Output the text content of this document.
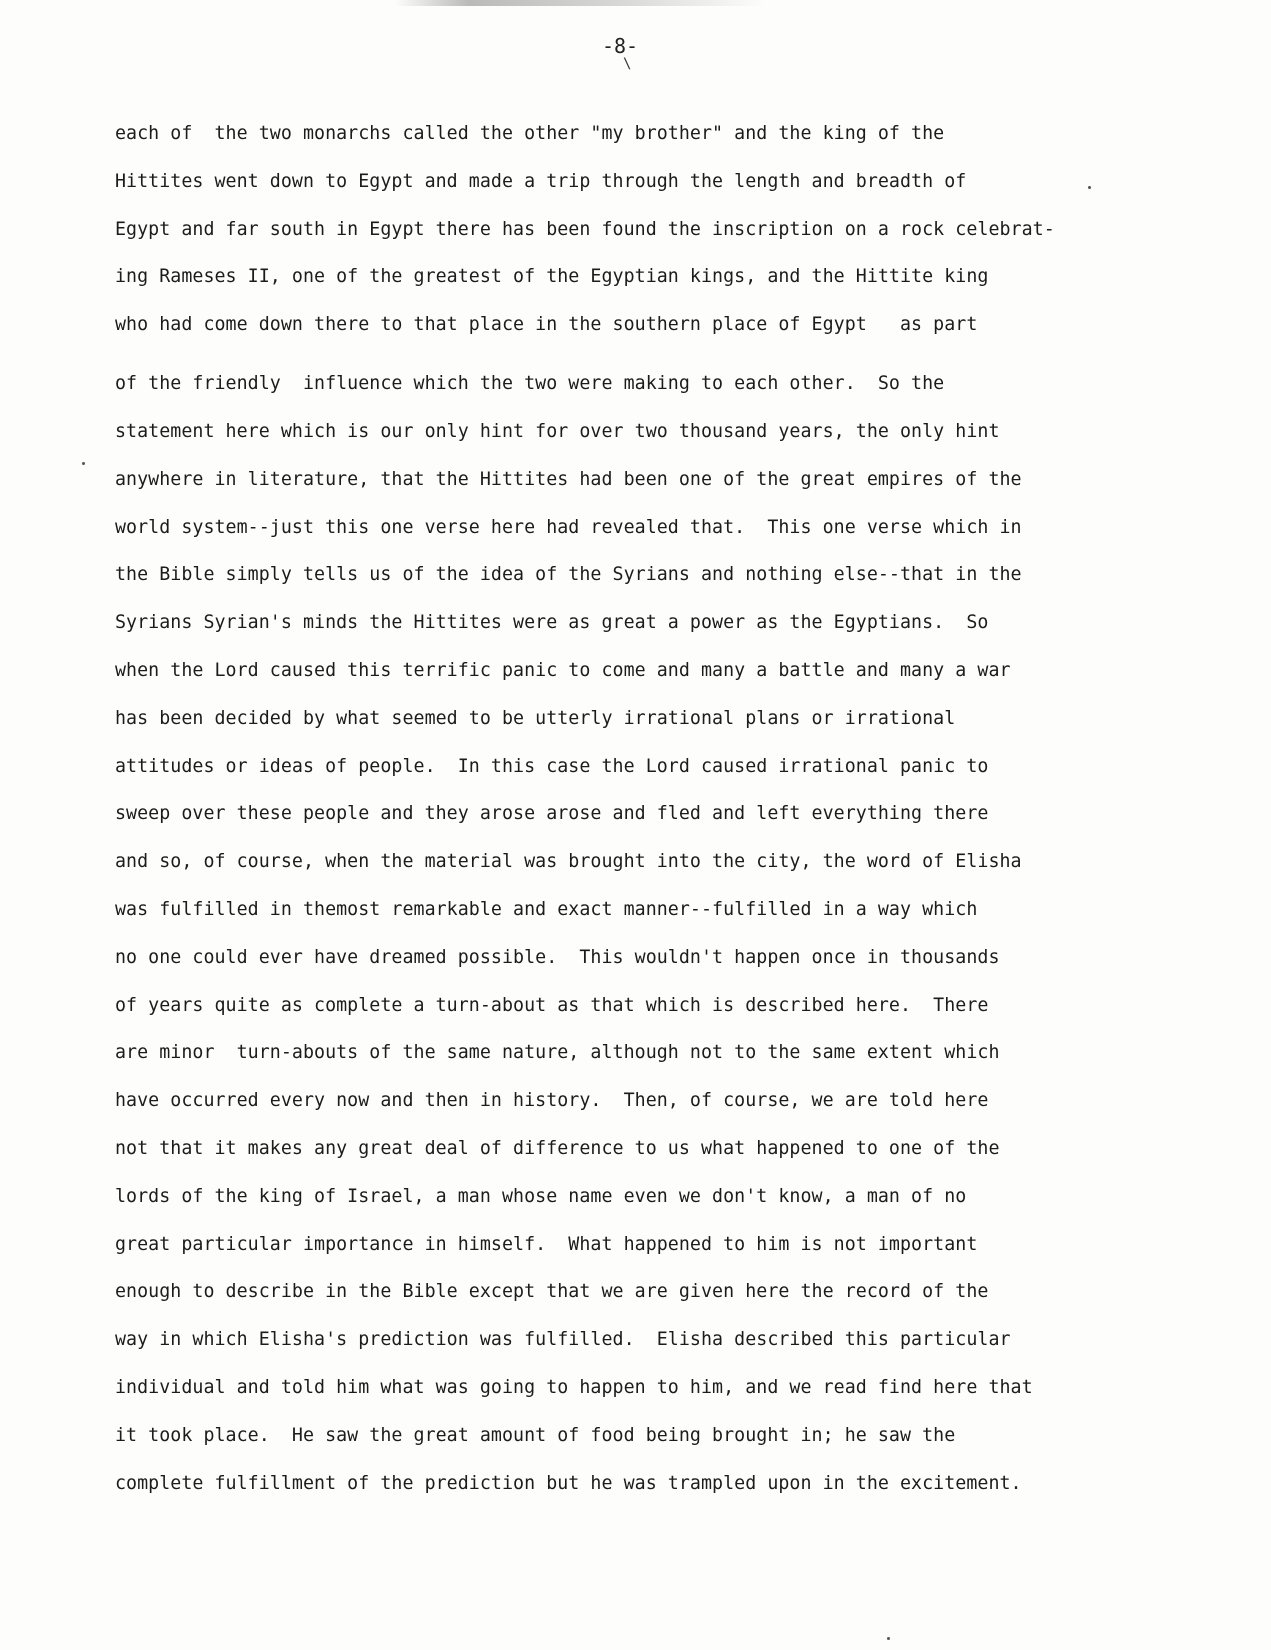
-8-
\
each of  the two monarchs called the other "my brother" and the king of the
Hittites went down to Egypt and made a trip through the length and breadth of
Egypt and far south in Egypt there has been found the inscription on a rock celebrat-
ing Rameses II, one of the greatest of the Egyptian kings, and the Hittite king
who had come down there to that place in the southern place of Egypt   as part
of the friendly  influence which the two were making to each other.  So the
statement here which is our only hint for over two thousand years, the only hint
anywhere in literature, that the Hittites had been one of the great empires of the
world system--just this one verse here had revealed that.  This one verse which in
the Bible simply tells us of the idea of the Syrians and nothing else--that in the
Syrians Syrian's minds the Hittites were as great a power as the Egyptians.  So
when the Lord caused this terrific panic to come and many a battle and many a war
has been decided by what seemed to be utterly irrational plans or irrational
attitudes or ideas of people.  In this case the Lord caused irrational panic to
sweep over these people and they arose arose and fled and left everything there
and so, of course, when the material was brought into the city, the word of Elisha
was fulfilled in themost remarkable and exact manner--fulfilled in a way which
no one could ever have dreamed possible.  This wouldn't happen once in thousands
of years quite as complete a turn-about as that which is described here.  There
are minor  turn-abouts of the same nature, although not to the same extent which
have occurred every now and then in history.  Then, of course, we are told here
not that it makes any great deal of difference to us what happened to one of the
lords of the king of Israel, a man whose name even we don't know, a man of no
great particular importance in himself.  What happened to him is not important
enough to describe in the Bible except that we are given here the record of the
way in which Elisha's prediction was fulfilled.  Elisha described this particular
individual and told him what was going to happen to him, and we read find here that
it took place.  He saw the great amount of food being brought in; he saw the
complete fulfillment of the prediction but he was trampled upon in the excitement.
